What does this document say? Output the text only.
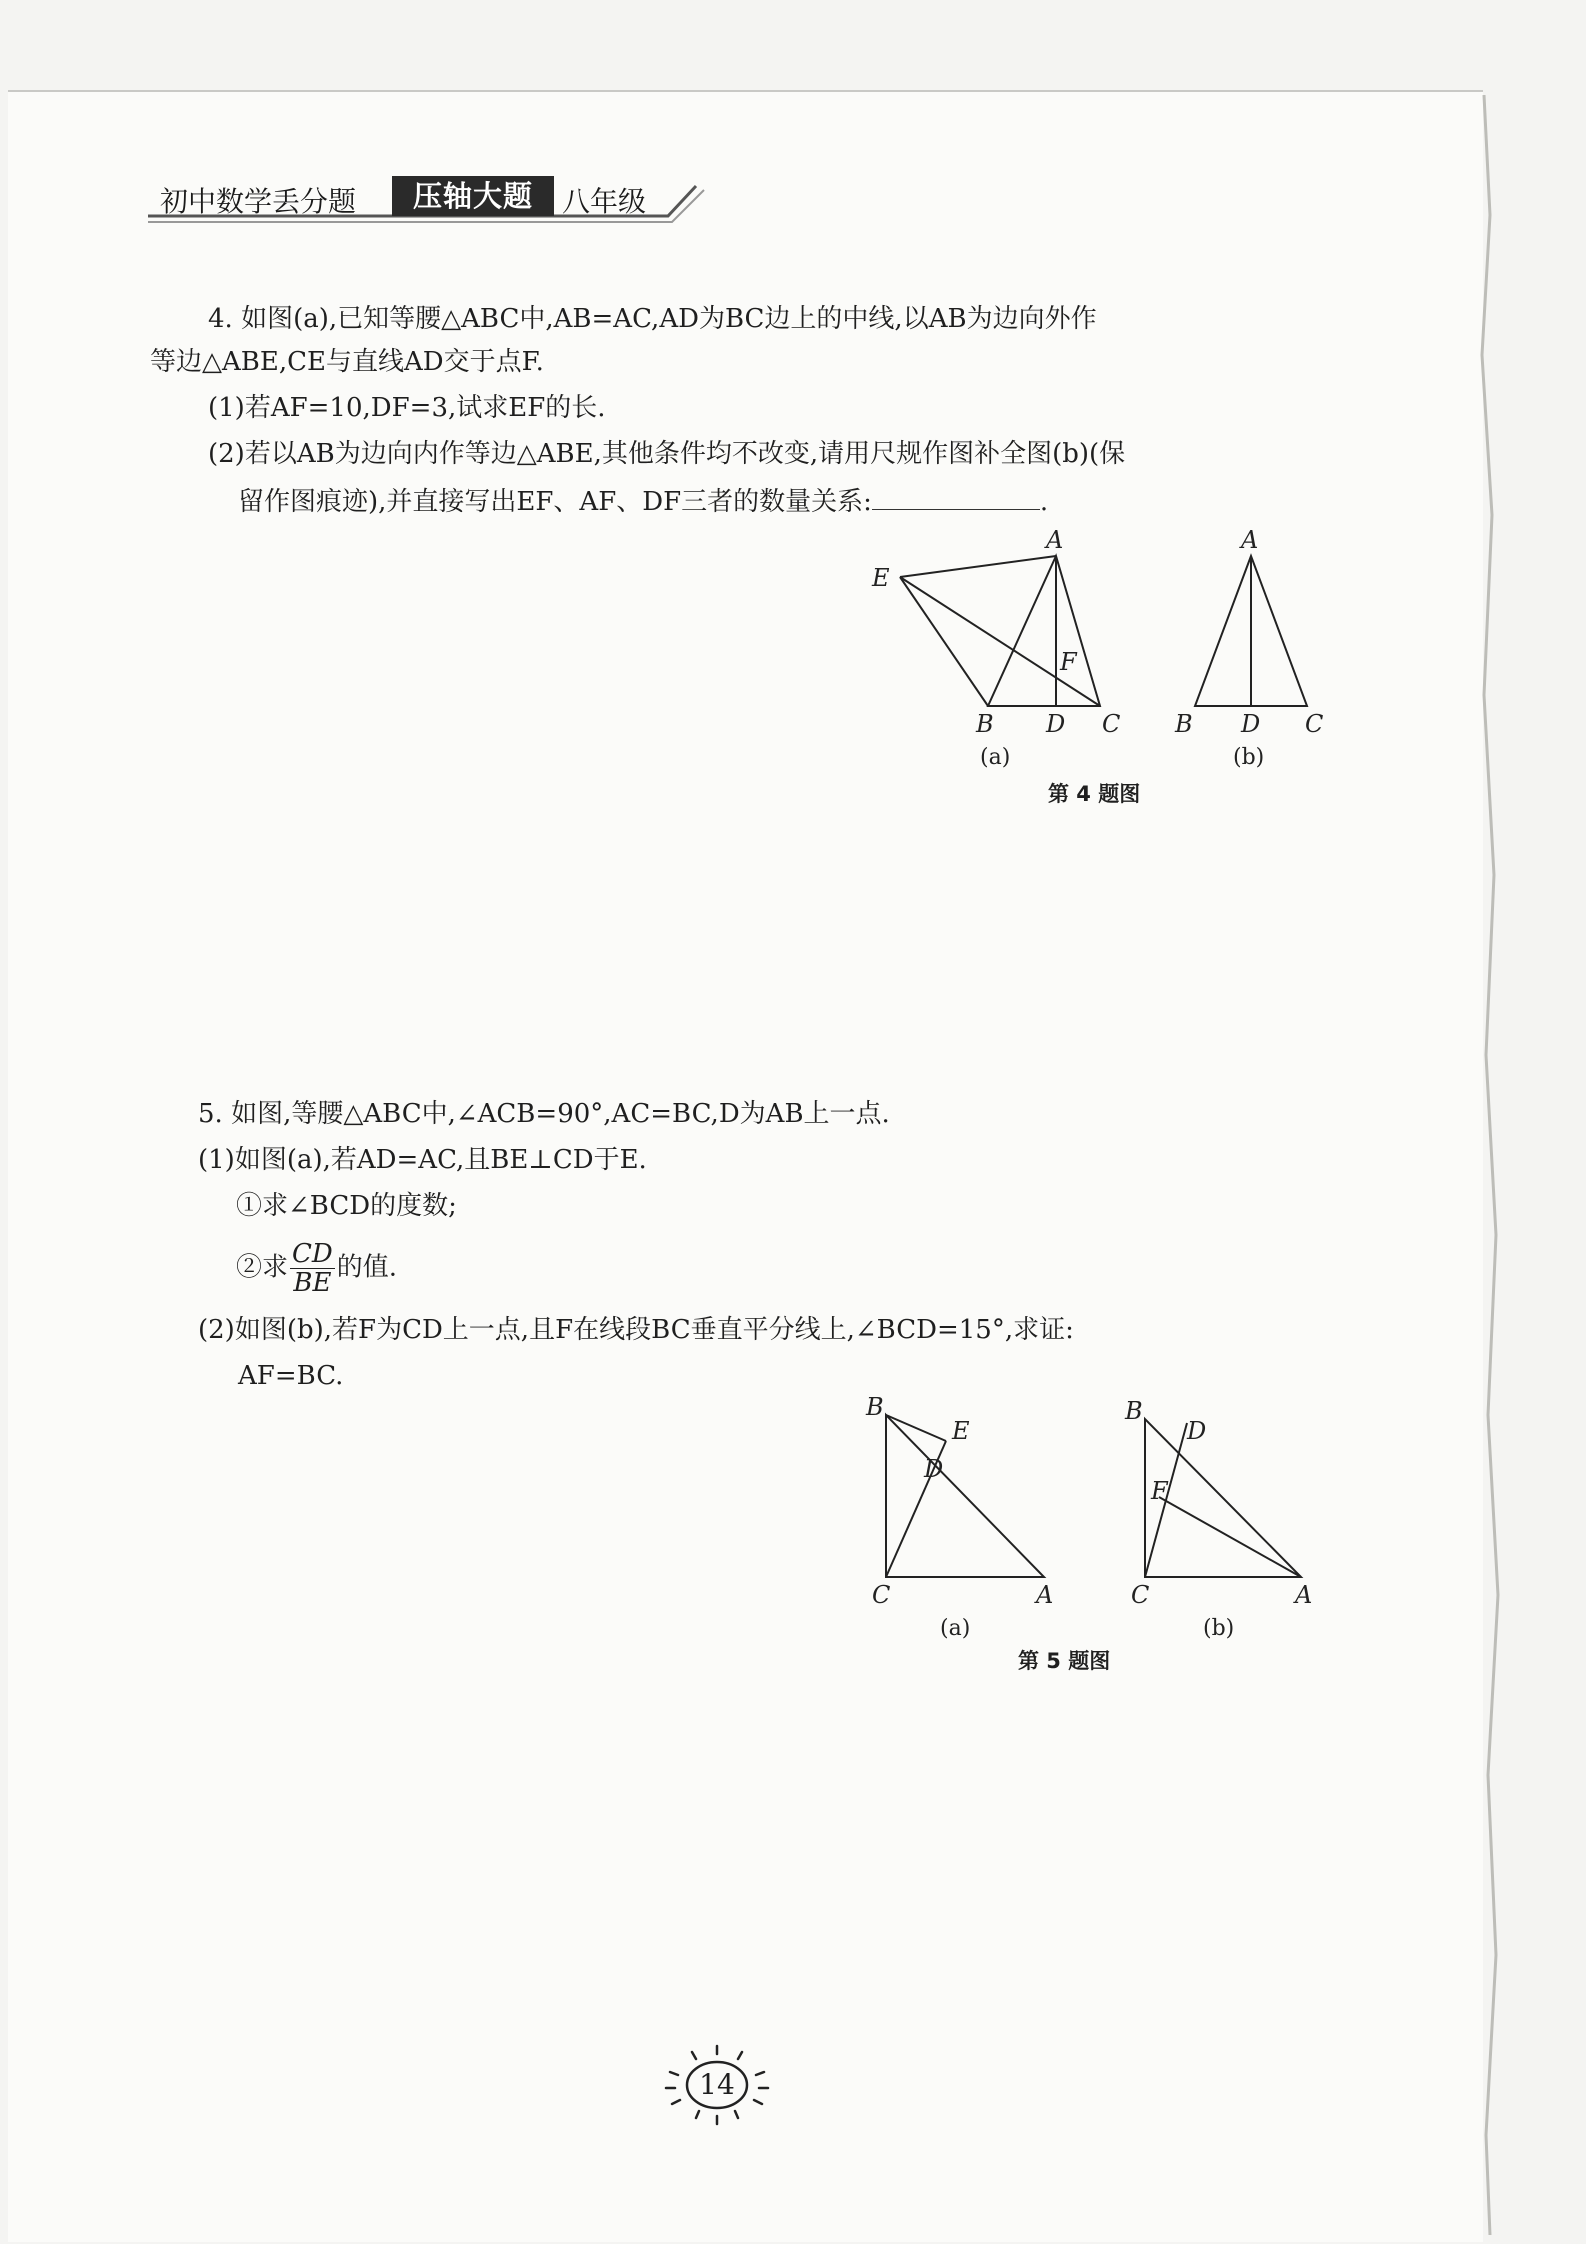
初中数学丢分题	压轴大题	八年级
4. 如图(a),已知等腰△ABC中,AB=AC,AD为BC边上的中线,以AB为边向外作
等边△ABE,CE与直线AD交于点F.
(1)若AF=10,DF=3,试求EF的长.
(2)若以AB为边向内作等边△ABE,其他条件均不改变,请用尺规作图补全图(b)(保
留作图痕迹),并直接写出EF、AF、DF三者的数量关系:	.
A
E
F
B D C
(a)
A
B D C
(b)
第 4 题图
5. 如图,等腰△ABC中,∠ACB=90°,AC=BC,D为AB上一点.
(1)如图(a),若AD=AC,且BE⊥CD于E.
①求∠BCD的度数;
②求 $\frac{CD}{BE}$ 的值.
(2)如图(b),若F为CD上一点,且F在线段BC垂直平分线上,∠BCD=15°,求证:
AF=BC.
B
E
D
C	A
(a)
B
D
F
C	A
(b)
第 5 题图
14
